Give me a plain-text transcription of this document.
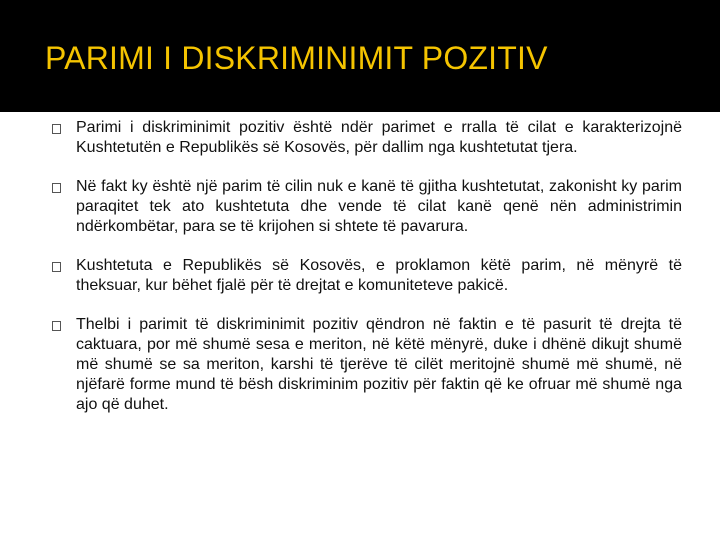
PARIMI I DISKRIMINIMIT POZITIV
Parimi i diskriminimit pozitiv është ndër parimet e rralla të cilat e karakterizojnë Kushtetutën e Republikës së Kosovës, për dallim nga kushtetutat tjera.
Në fakt ky është një parim të cilin nuk e kanë të gjitha kushtetutat, zakonisht ky parim paraqitet tek ato kushtetuta dhe vende të cilat kanë qenë nën administrimin ndërkombëtar, para se të krijohen si shtete të pavarura.
Kushtetuta e Republikës së Kosovës, e proklamon këtë parim, në mënyrë të theksuar, kur bëhet fjalë për të drejtat e komuniteteve pakicë.
Thelbi i parimit të diskriminimit pozitiv qëndron në faktin e të pasurit të drejta të caktuara, por më shumë sesa e meriton, në këtë mënyrë, duke i dhënë dikujt shumë më shumë se sa meriton, karshi të tjerëve të cilët meritojnë shumë më shumë, në njëfarë forme mund të bësh diskriminim pozitiv për faktin që ke ofruar më shumë nga ajo që duhet.
